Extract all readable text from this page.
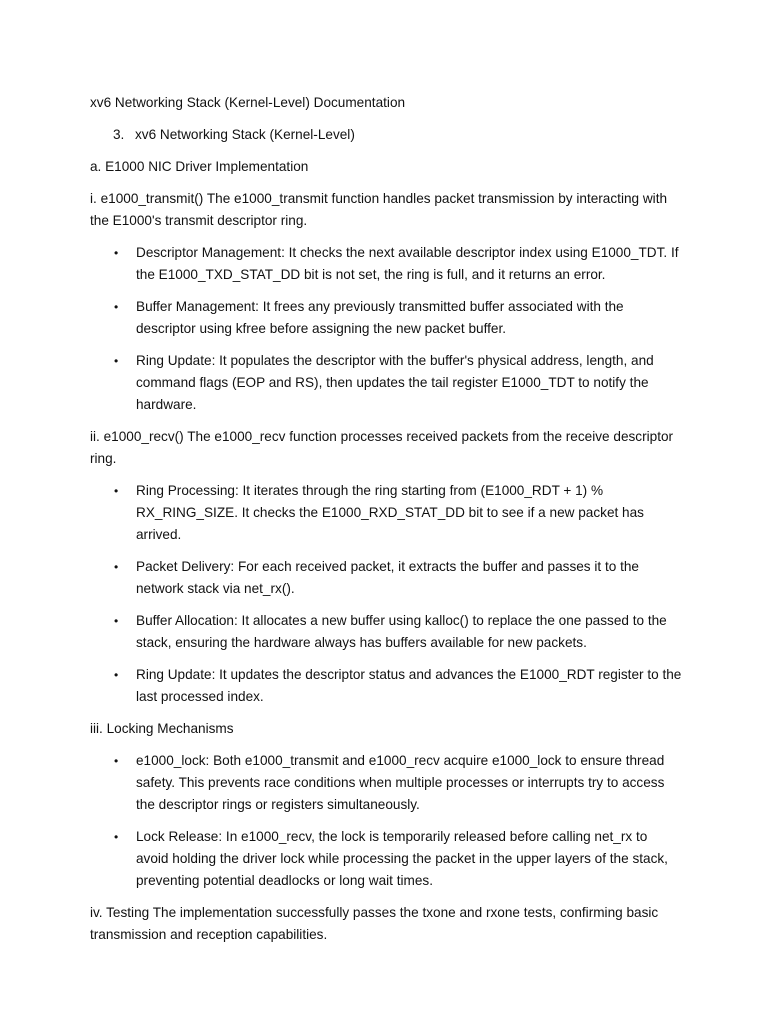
xv6 Networking Stack (Kernel-Level) Documentation

3. xv6 Networking Stack (Kernel-Level)

a. E1000 NIC Driver Implementation

i. e1000_transmit() The e1000_transmit function handles packet transmission by interacting with the E1000's transmit descriptor ring.

• Descriptor Management: It checks the next available descriptor index using E1000_TDT. If the E1000_TXD_STAT_DD bit is not set, the ring is full, and it returns an error.
• Buffer Management: It frees any previously transmitted buffer associated with the descriptor using kfree before assigning the new packet buffer.
• Ring Update: It populates the descriptor with the buffer's physical address, length, and command flags (EOP and RS), then updates the tail register E1000_TDT to notify the hardware.

ii. e1000_recv() The e1000_recv function processes received packets from the receive descriptor ring.

• Ring Processing: It iterates through the ring starting from (E1000_RDT + 1) % RX_RING_SIZE. It checks the E1000_RXD_STAT_DD bit to see if a new packet has arrived.
• Packet Delivery: For each received packet, it extracts the buffer and passes it to the network stack via net_rx().
• Buffer Allocation: It allocates a new buffer using kalloc() to replace the one passed to the stack, ensuring the hardware always has buffers available for new packets.
• Ring Update: It updates the descriptor status and advances the E1000_RDT register to the last processed index.

iii. Locking Mechanisms

• e1000_lock: Both e1000_transmit and e1000_recv acquire e1000_lock to ensure thread safety. This prevents race conditions when multiple processes or interrupts try to access the descriptor rings or registers simultaneously.
• Lock Release: In e1000_recv, the lock is temporarily released before calling net_rx to avoid holding the driver lock while processing the packet in the upper layers of the stack, preventing potential deadlocks or long wait times.

iv. Testing The implementation successfully passes the txone and rxone tests, confirming basic transmission and reception capabilities.
